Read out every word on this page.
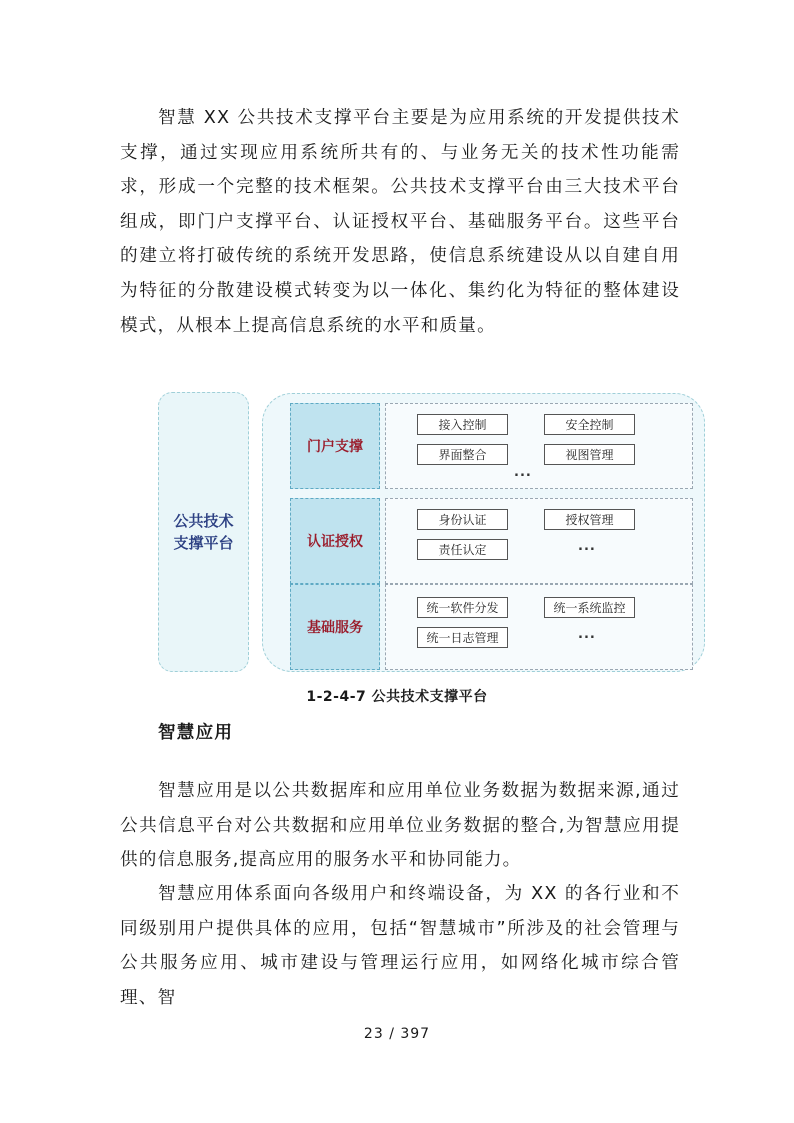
智慧 XX 公共技术支撑平台主要是为应用系统的开发提供技术支撑，通过实现应用系统所共有的、与业务无关的技术性功能需求，形成一个完整的技术框架。公共技术支撑平台由三大技术平台组成，即门户支撑平台、认证授权平台、基础服务平台。这些平台的建立将打破传统的系统开发思路，使信息系统建设从以自建自用为特征的分散建设模式转变为以一体化、集约化为特征的整体建设模式，从根本上提高信息系统的水平和质量。

公共技术
支撑平台
门户支撑
接入控制	安全控制
界面整合	视图管理
...
认证授权
身份认证	授权管理
责任认定	...
基础服务
统一软件分发	统一系统监控
统一日志管理	...

1-2-4-7 公共技术支撑平台

智慧应用

智慧应用是以公共数据库和应用单位业务数据为数据来源,通过公共信息平台对公共数据和应用单位业务数据的整合,为智慧应用提供的信息服务,提高应用的服务水平和协同能力。

智慧应用体系面向各级用户和终端设备，为 XX 的各行业和不同级别用户提供具体的应用，包括“智慧城市”所涉及的社会管理与公共服务应用、城市建设与管理运行应用，如网络化城市综合管理、智

23 / 397
